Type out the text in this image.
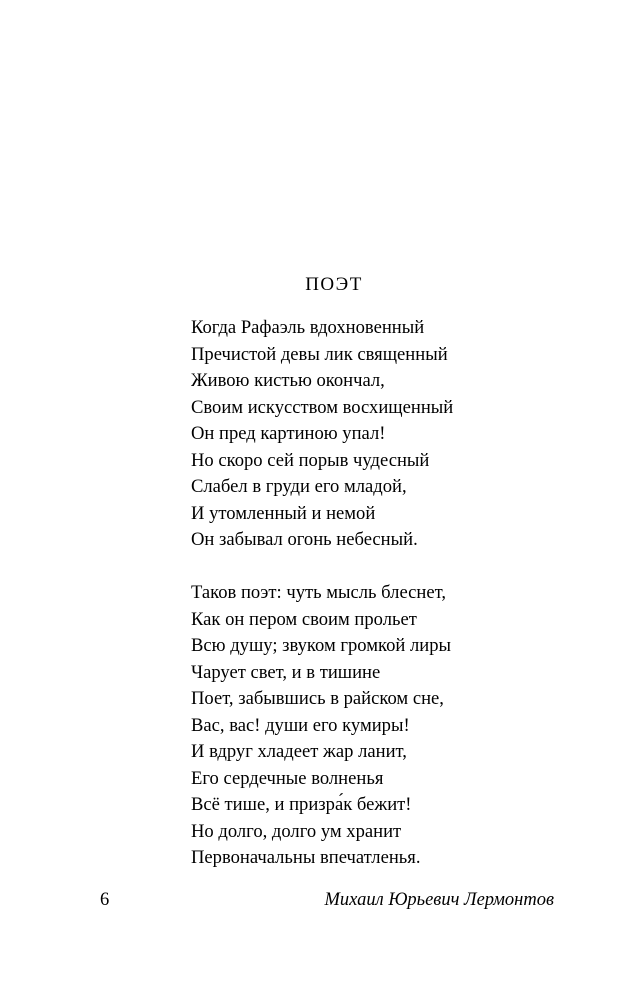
ПОЭТ

Когда Рафаэль вдохновенный
Пречистой девы лик священный
Живою кистью окончал,
Своим искусством восхищенный
Он пред картиною упал!
Но скоро сей порыв чудесный
Слабел в груди его младой,
И утомленный и немой
Он забывал огонь небесный.

Таков поэт: чуть мысль блеснет,
Как он пером своим прольет
Всю душу; звуком громкой лиры
Чарует свет, и в тишине
Поет, забывшись в райском сне,
Вас, вас! души его кумиры!
И вдруг хладеет жар ланит,
Его сердечные волненья
Всё тише, и призра́к бежит!
Но долго, долго ум хранит
Первоначальны впечатленья.

6	Михаил Юрьевич Лермонтов
